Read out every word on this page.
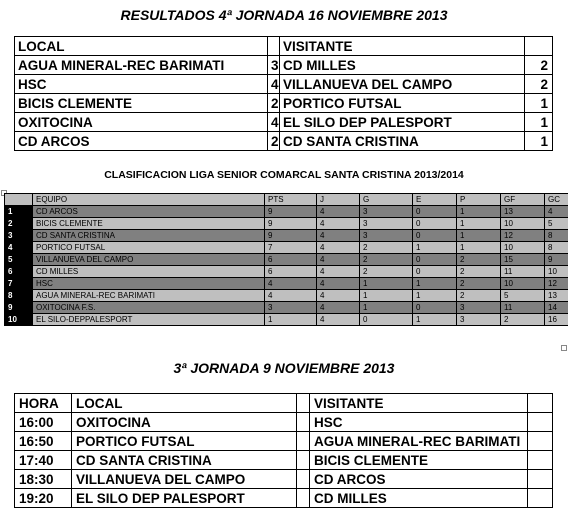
RESULTADOS 4ª JORNADA 16 NOVIEMBRE 2013
LOCAL		VISITANTE	
AGUA MINERAL-REC BARIMATI	3	CD MILLES	2
HSC	4	VILLANUEVA DEL CAMPO	2
BICIS CLEMENTE	2	PORTICO FUTSAL	1
OXITOCINA	4	EL SILO DEP PALESPORT	1
CD ARCOS	2	CD SANTA CRISTINA	1
CLASIFICACION LIGA SENIOR COMARCAL SANTA CRISTINA 2013/2014
	EQUIPO	PTS	J	G	E	P	GF	GC
1	CD ARCOS	9	4	3	0	1	13	4
2	BICIS CLEMENTE	9	4	3	0	1	10	5
3	CD SANTA CRISTINA	9	4	3	0	1	12	8
4	PORTICO FUTSAL	7	4	2	1	1	10	8
5	VILLANUEVA DEL CAMPO	6	4	2	0	2	15	9
6	CD MILLES	6	4	2	0	2	11	10
7	HSC	4	4	1	1	2	10	12
8	AGUA MINERAL-REC BARIMATI	4	4	1	1	2	5	13
9	OXITOCINA F.S.	3	4	1	0	3	11	14
10	EL SILO-DEPPALESPORT	1	4	0	1	3	2	16
3ª JORNADA 9 NOVIEMBRE 2013
HORA	LOCAL		VISITANTE	
16:00	OXITOCINA		HSC	
16:50	PORTICO FUTSAL		AGUA MINERAL-REC BARIMATI	
17:40	CD SANTA CRISTINA		BICIS CLEMENTE	
18:30	VILLANUEVA DEL CAMPO		CD ARCOS	
19:20	EL SILO DEP PALESPORT		CD MILLES	
